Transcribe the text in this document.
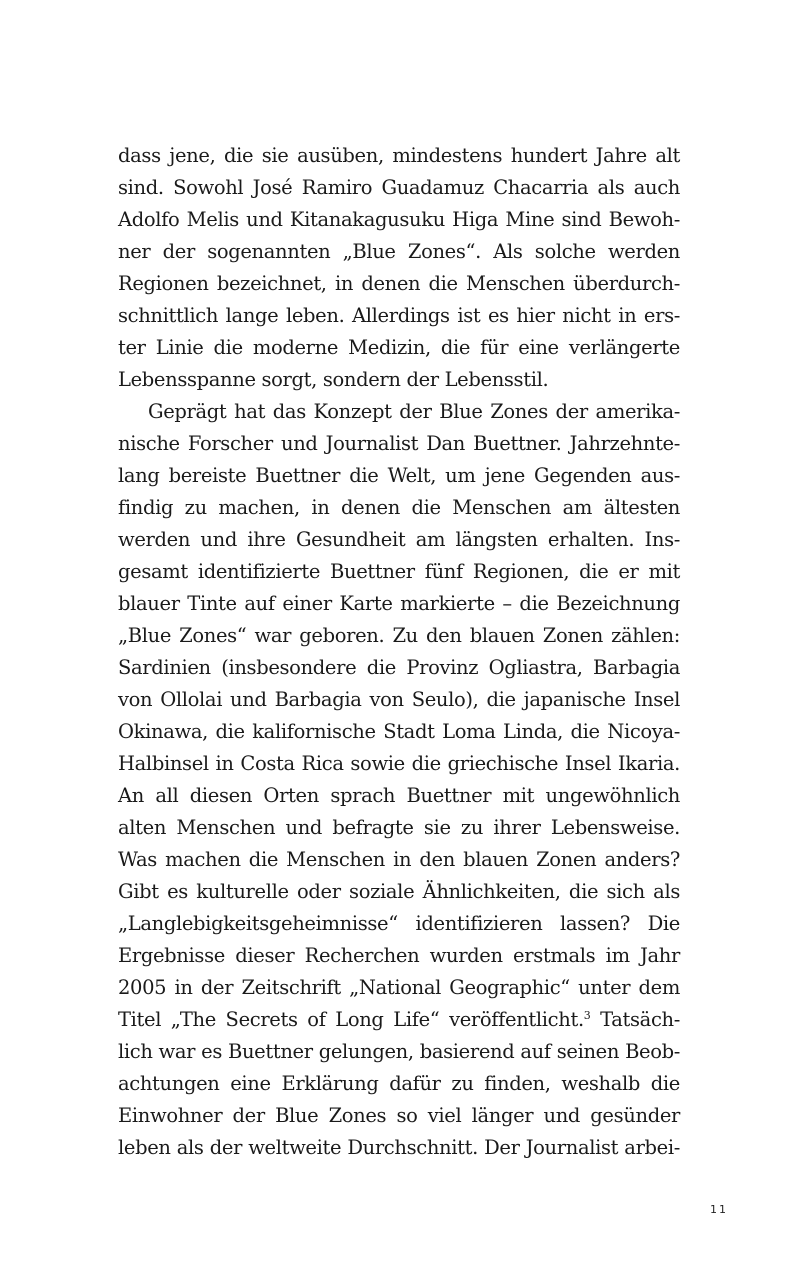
dass jene, die sie ausüben, mindestens hundert Jahre alt
sind. Sowohl José Ramiro Guadamuz Chacarria als auch
Adolfo Melis und Kitanakagusuku Higa Mine sind Bewoh-
ner der sogenannten „Blue Zones“. Als solche werden
Regionen bezeichnet, in denen die Menschen überdurch-
schnittlich lange leben. Allerdings ist es hier nicht in ers-
ter Linie die moderne Medizin, die für eine verlängerte
Lebensspanne sorgt, sondern der Lebensstil.
Geprägt hat das Konzept der Blue Zones der amerika-
nische Forscher und Journalist Dan Buettner. Jahrzehnte-
lang bereiste Buettner die Welt, um jene Gegenden aus-
findig zu machen, in denen die Menschen am ältesten
werden und ihre Gesundheit am längsten erhalten. Ins-
gesamt identifizierte Buettner fünf Regionen, die er mit
blauer Tinte auf einer Karte markierte – die Bezeichnung
„Blue Zones“ war geboren. Zu den blauen Zonen zählen:
Sardinien (insbesondere die Provinz Ogliastra, Barbagia
von Ollolai und Barbagia von Seulo), die japanische Insel
Okinawa, die kalifornische Stadt Loma Linda, die Nicoya-
Halbinsel in Costa Rica sowie die griechische Insel Ikaria.
An all diesen Orten sprach Buettner mit ungewöhnlich
alten Menschen und befragte sie zu ihrer Lebensweise.
Was machen die Menschen in den blauen Zonen anders?
Gibt es kulturelle oder soziale Ähnlichkeiten, die sich als
„Langlebigkeitsgeheimnisse“ identifizieren lassen? Die
Ergebnisse dieser Recherchen wurden erstmals im Jahr
2005 in der Zeitschrift „National Geographic“ unter dem
Titel „The Secrets of Long Life“ veröffentlicht.$^3$ Tatsäch-
lich war es Buettner gelungen, basierend auf seinen Beob-
achtungen eine Erklärung dafür zu finden, weshalb die
Einwohner der Blue Zones so viel länger und gesünder
leben als der weltweite Durchschnitt. Der Journalist arbei-
11
